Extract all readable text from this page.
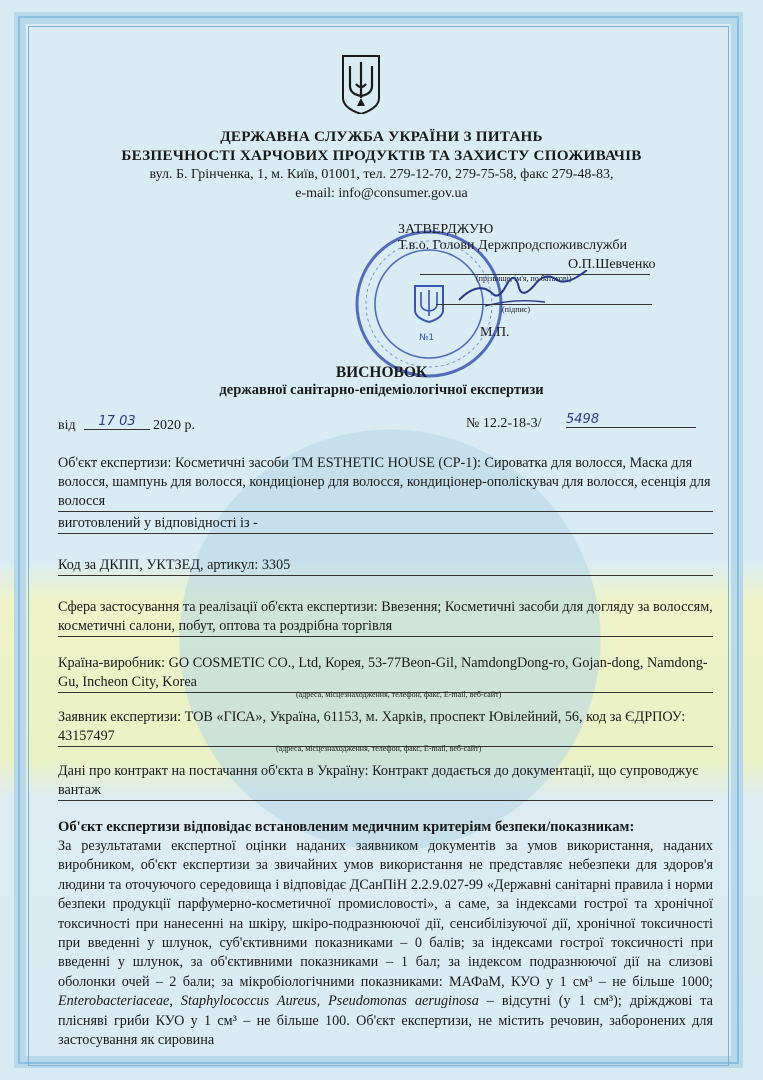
ДЕРЖАВНА СЛУЖБА УКРАЇНИ З ПИТАНЬ
БЕЗПЕЧНОСТІ ХАРЧОВИХ ПРОДУКТІВ ТА ЗАХИСТУ СПОЖИВАЧІВ
вул. Б. Грінченка, 1, м. Київ, 01001, тел. 279-12-70, 279-75-58, факс 279-48-83,
e-mail: info@consumer.gov.ua
№1
ЗАТВЕРДЖУЮ
Т.в.о. Голови Держпродспоживслужби
О.П.Шевченко
(прізвище, ім'я, по батькові)
(підпис)
М.П.
ВИСНОВОК
державної санітарно-епідеміологічної експертизи
від	17 03	2020 р.	№ 12.2-18-3/ 5498
Об'єкт експертизи: Косметичні засоби ТМ ESTHETIC HOUSE (CP-1): Сироватка для волосся, Маска для волосся, шампунь для волосся, кондиціонер для волосся, кондиціонер-ополіскувач для волосся, есенція для волосся
виготовлений у відповідності із -
Код за ДКПП, УКТЗЕД, артикул: 3305
Сфера застосування та реалізації об'єкта експертизи: Ввезення; Косметичні засоби для догляду за волоссям, косметичні салони, побут, оптова та роздрібна торгівля
Країна-виробник: GO COSMETIC CO., Ltd, Корея, 53-77Beon-Gil, NamdongDong-ro, Gojan-dong, Namdong-Gu, Incheon City, Korea
(адреса, місцезнаходження, телефон, факс, E-mail, веб-сайт)
Заявник експертизи: ТОВ «ГІСА», Україна, 61153, м. Харків, проспект Ювілейний, 56, код за ЄДРПОУ: 43157497
(адреса, місцезнаходження, телефон, факс, E-mail, веб-сайт)
Дані про контракт на постачання об'єкта в Україну: Контракт додається до документації, що супроводжує вантаж
Об'єкт експертизи відповідає встановленим медичним критеріям безпеки/показникам:
За результатами експертної оцінки наданих заявником документів за умов використання, наданих виробником, об'єкт експертизи за звичайних умов використання не представляє небезпеки для здоров'я людини та оточуючого середовища і відповідає ДСанПіН 2.2.9.027-99 «Державні санітарні правила і норми безпеки продукції парфумерно-косметичної промисловості», а саме, за індексами гострої та хронічної токсичності при нанесенні на шкіру, шкіро-подразнюючої дії, сенсибілізуючої дії, хронічної токсичності при введенні у шлунок, суб'єктивними показниками – 0 балів; за індексами гострої токсичності при введенні у шлунок, за об'єктивними показниками – 1 бал; за індексом подразнюючої дії на слизові оболонки очей – 2 бали; за мікробіологічними показниками: МАФаМ, КУО у 1 см³ – не більше 1000; Enterobacteriaceae, Staphylococcus Aureus, Pseudomonas aeruginosa – відсутні (у 1 см³); дріжджові та плісняві гриби КУО у 1 см³ – не більше 100. Об'єкт експертизи, не містить речовин, заборонених для застосування як сировина
